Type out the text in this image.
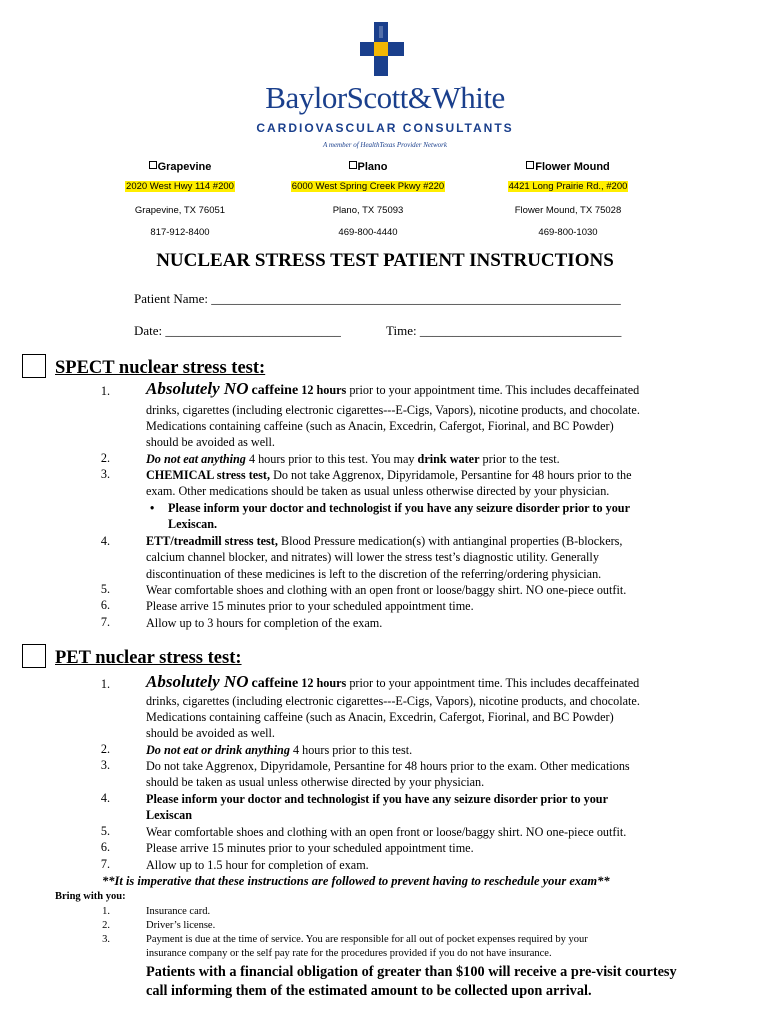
BaylorScott&White
CARDIOVASCULAR CONSULTANTS
A member of HealthTexas Provider Network
Grapevine
2020 West Hwy 114 #200
Grapevine, TX 76051
817-912-8400
Plano
6000 West Spring Creek Pkwy #220
Plano, TX 75093
469-800-4440
Flower Mound
4421 Long Prairie Rd., #200
Flower Mound, TX 75028
469-800-1030
NUCLEAR STRESS TEST PATIENT INSTRUCTIONS
Patient Name: _______________________________________________________________
Date: ___________________________	Time: _______________________________
SPECT nuclear stress test:
1. Absolutely NO caffeine 12 hours prior to your appointment time. This includes decaffeinated
drinks, cigarettes (including electronic cigarettes---E-Cigs, Vapors), nicotine products, and chocolate.
Medications containing caffeine (such as Anacin, Excedrin, Cafergot, Fiorinal, and BC Powder)
should be avoided as well.
2.	Do not eat anything 4 hours prior to this test. You may drink water prior to the test.
3.	CHEMICAL stress test, Do not take Aggrenox, Dipyridamole, Persantine for 48 hours prior to the
exam. Other medications should be taken as usual unless otherwise directed by your physician.
• Please inform your doctor and technologist if you have any seizure disorder prior to your
Lexiscan.
4.	ETT/treadmill stress test, Blood Pressure medication(s) with antianginal properties (B-blockers,
calcium channel blocker, and nitrates) will lower the stress test’s diagnostic utility. Generally
discontinuation of these medicines is left to the discretion of the referring/ordering physician.
5.	Wear comfortable shoes and clothing with an open front or loose/baggy shirt. NO one-piece outfit.
6.	Please arrive 15 minutes prior to your scheduled appointment time.
7.	Allow up to 3 hours for completion of the exam.
PET nuclear stress test:
1. Absolutely NO caffeine 12 hours prior to your appointment time. This includes decaffeinated
drinks, cigarettes (including electronic cigarettes---E-Cigs, Vapors), nicotine products, and chocolate.
Medications containing caffeine (such as Anacin, Excedrin, Cafergot, Fiorinal, and BC Powder)
should be avoided as well.
2.	Do not eat or drink anything 4 hours prior to this test.
3.	Do not take Aggrenox, Dipyridamole, Persantine for 48 hours prior to the exam. Other medications
should be taken as usual unless otherwise directed by your physician.
4.	Please inform your doctor and technologist if you have any seizure disorder prior to your
Lexiscan
5.	Wear comfortable shoes and clothing with an open front or loose/baggy shirt. NO one-piece outfit.
6.	Please arrive 15 minutes prior to your scheduled appointment time.
7.	Allow up to 1.5 hour for completion of exam.
**It is imperative that these instructions are followed to prevent having to reschedule your exam**
Bring with you:
1.	Insurance card.
2.	Driver’s license.
3.	Payment is due at the time of service. You are responsible for all out of pocket expenses required by your
insurance company or the self pay rate for the procedures provided if you do not have insurance.
Patients with a financial obligation of greater than $100 will receive a pre-visit courtesy
call informing them of the estimated amount to be collected upon arrival.
